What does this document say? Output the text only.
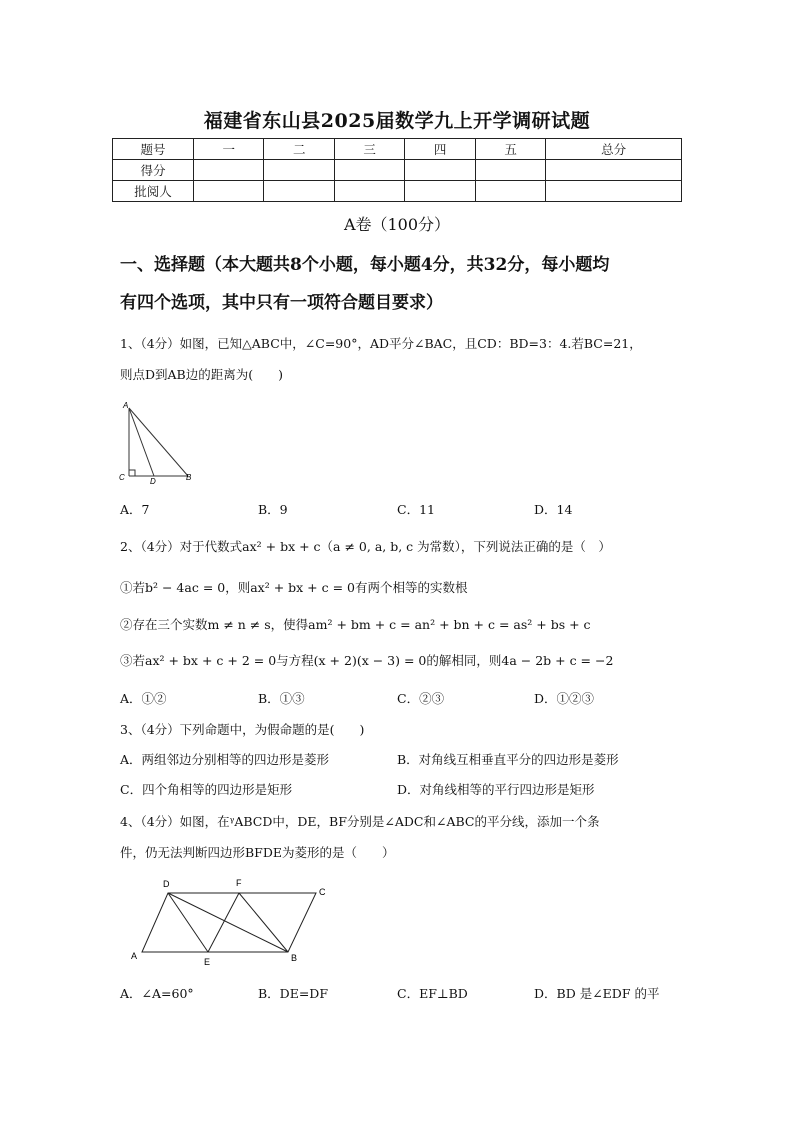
福建省东山县2025届数学九上开学调研试题
题号	一	二	三	四	五	总分
得分						
批阅人						
A卷（100分）
一、选择题（本大题共8个小题，每小题4分，共32分，每小题均
有四个选项，其中只有一项符合题目要求）
1、（4分）如图，已知△ABC中，∠C=90°，AD平分∠BAC，且CD：BD=3：4.若BC=21，
则点D到AB边的距离为(　　)
A
C	D	B
A．7	B．9	C．11	D．14
2、（4分）对于代数式ax² + bx + c（a ≠ 0, a, b, c 为常数），下列说法正确的是（　）
①若b² − 4ac = 0，则ax² + bx + c = 0有两个相等的实数根
②存在三个实数m ≠ n ≠ s，使得am² + bm + c = an² + bn + c = as² + bs + c
③若ax² + bx + c + 2 = 0与方程(x + 2)(x − 3) = 0的解相同，则4a − 2b + c = −2
A．①②	B．①③	C．②③	D．①②③
3、（4分）下列命题中，为假命题的是(　　)
A．两组邻边分别相等的四边形是菱形	B．对角线互相垂直平分的四边形是菱形
C．四个角相等的四边形是矩形	D．对角线相等的平行四边形是矩形
4、（4分）如图，在ᵞABCD中，DE，BF分别是∠ADC和∠ABC的平分线，添加一个条
件，仍无法判断四边形BFDE为菱形的是（　　）
D	F
C
A
E	B
A．∠A=60°	B．DE=DF	C．EF⊥BD	D．BD 是∠EDF 的平
